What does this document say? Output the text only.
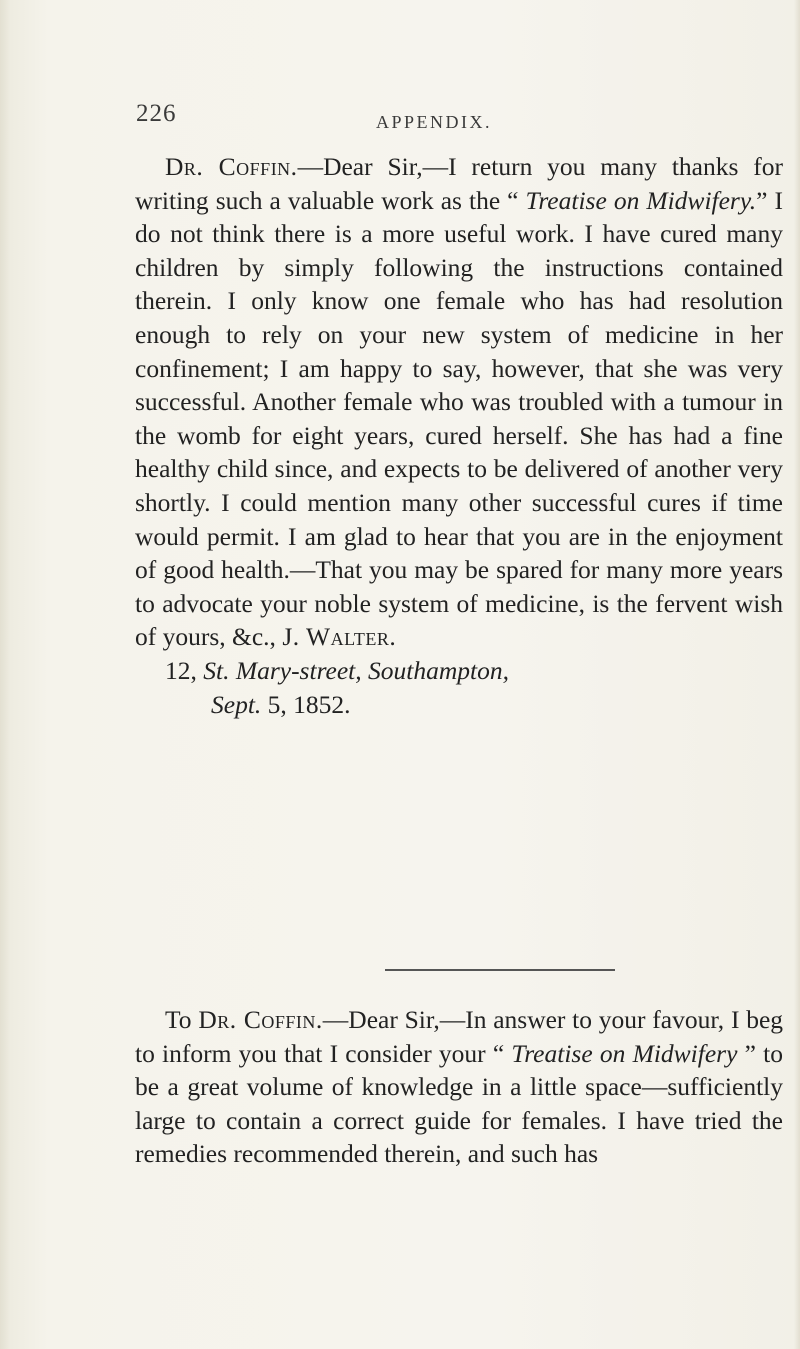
226	APPENDIX.

Dr. Coffin.—Dear Sir,—I return you many thanks for writing such a valuable work as the “ Treatise on Midwifery.” I do not think there is a more useful work. I have cured many children by simply following the instructions contained therein. I only know one female who has had resolution enough to rely on your new system of medicine in her confinement; I am happy to say, however, that she was very successful. Another female who was troubled with a tumour in the womb for eight years, cured herself. She has had a fine healthy child since, and expects to be delivered of another very shortly. I could mention many other successful cures if time would permit. I am glad to hear that you are in the enjoyment of good health.—That you may be spared for many more years to advocate your noble system of medicine, is the fervent wish of yours, &c., J. Walter.

12, St. Mary-street, Southampton,
Sept. 5, 1852.

To Dr. Coffin.—Dear Sir,—In answer to your favour, I beg to inform you that I consider your “ Treatise on Midwifery ” to be a great volume of knowledge in a little space—sufficiently large to contain a correct guide for females. I have tried the remedies recommended therein, and such has
